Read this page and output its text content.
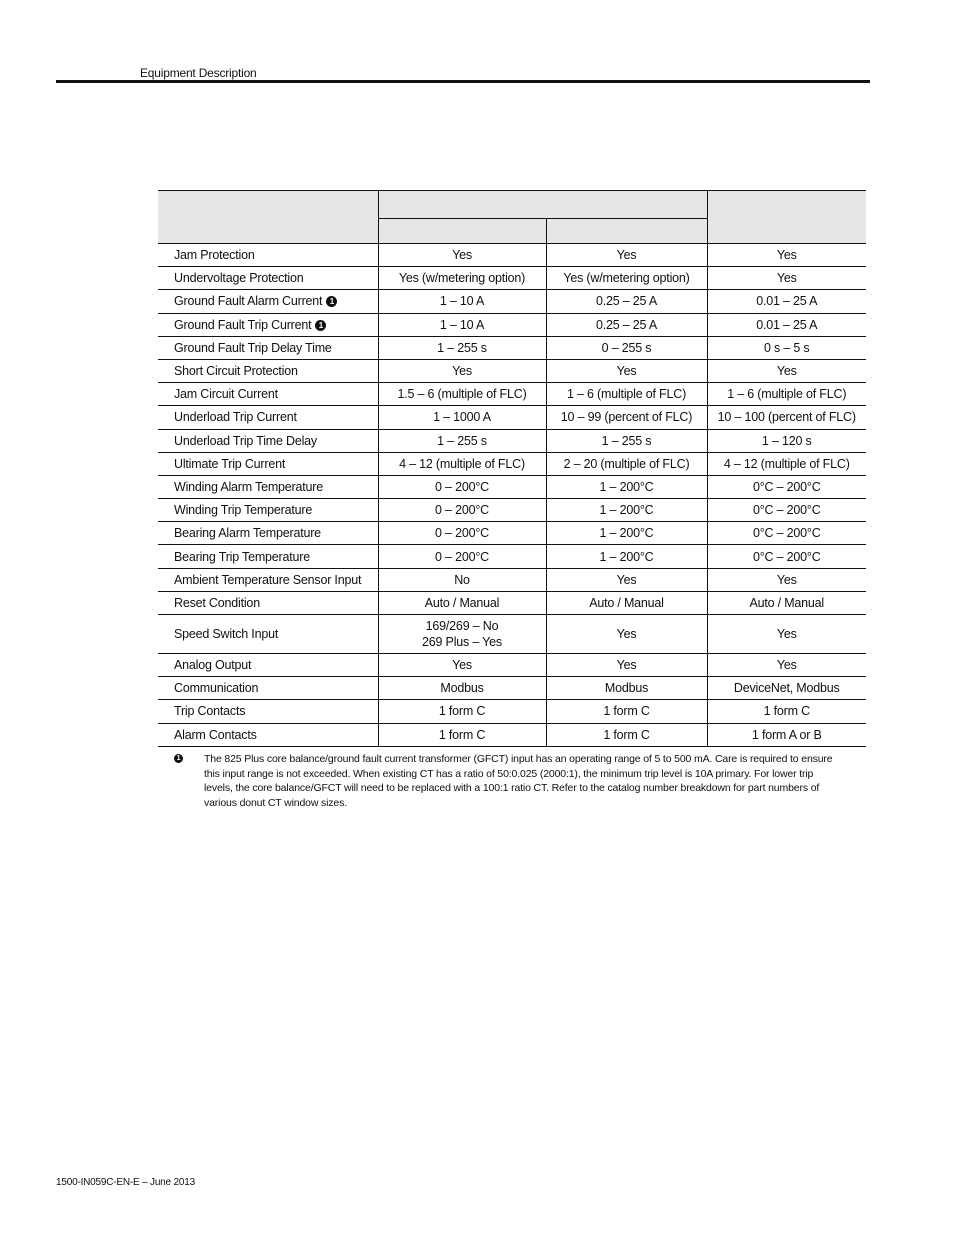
Equipment Description

Jam Protection	Yes	Yes	Yes
Undervoltage Protection	Yes (w/metering option)	Yes (w/metering option)	Yes
Ground Fault Alarm Current 1	1 – 10 A	0.25 – 25 A	0.01 – 25 A
Ground Fault Trip Current 1	1 – 10 A	0.25 – 25 A	0.01 – 25 A
Ground Fault Trip Delay Time	1 – 255 s	0 – 255 s	0 s – 5 s
Short Circuit Protection	Yes	Yes	Yes
Jam Circuit Current	1.5 – 6 (multiple of FLC)	1 – 6 (multiple of FLC)	1 – 6 (multiple of FLC)
Underload Trip Current	1 – 1000 A	10 – 99 (percent of FLC)	10 – 100 (percent of FLC)
Underload Trip Time Delay	1 – 255 s	1 – 255 s	1 – 120 s
Ultimate Trip Current	4 – 12 (multiple of FLC)	2 – 20 (multiple of FLC)	4 – 12 (multiple of FLC)
Winding Alarm Temperature	0 – 200°C	1 – 200°C	0°C – 200°C
Winding Trip Temperature	0 – 200°C	1 – 200°C	0°C – 200°C
Bearing Alarm Temperature	0 – 200°C	1 – 200°C	0°C – 200°C
Bearing Trip Temperature	0 – 200°C	1 – 200°C	0°C – 200°C
Ambient Temperature Sensor Input	No	Yes	Yes
Reset Condition	Auto / Manual	Auto / Manual	Auto / Manual
Speed Switch Input	169/269 – No
269 Plus – Yes	Yes	Yes
Analog Output	Yes	Yes	Yes
Communication	Modbus	Modbus	DeviceNet, Modbus
Trip Contacts	1 form C	1 form C	1 form C
Alarm Contacts	1 form C	1 form C	1 form A or B
1 The 825 Plus core balance/ground fault current transformer (GFCT) input has an operating range of 5 to 500 mA. Care is required to ensure this input range is not exceeded. When existing CT has a ratio of 50:0.025 (2000:1), the minimum trip level is 10A primary. For lower trip levels, the core balance/GFCT will need to be replaced with a 100:1 ratio CT. Refer to the catalog number breakdown for part numbers of various donut CT window sizes.
1500-IN059C-EN-E – June 2013
